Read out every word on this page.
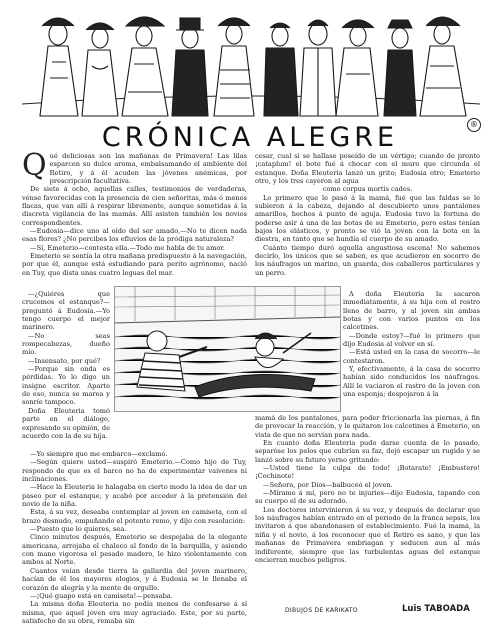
CRÓNICA ALEGRE	®
Q ué deliciosas son las mañanas de Primavera! Las lilas esparcen su dulce aroma, embalsamando el ambiente del Retiro, y á él acuden las jóvenes anémicas, por prescripción facultativa.

De siete á ocho, aquellas calles, testimonios de verdaderas, vénse favorecidas con la presencia de cien señoritas, más ó menos flacas, que van allí á respirar libremente, aunque sometidas á la discreta vigilancia de las mamás. Allí asisten también los novios correspondientes.

—Eudosia—dice uno al oído del ser amado,—No te dicen nada esas flores? ¿No percibes los efluvios de la pródiga naturaleza?

—Sí, Emeterio—contesta ella.—Todo me habla de tu amor.

Emeterio se sentía la otra mañana predispuesto á la navegación, por que él, aunque está estudiando para perito agrónomo, nació en Tuy, que dista unas cuatro leguas del mar.

—¿Quiéres que crucemos el estanque?—preguntó á Eudosia.—Yo tengo cuerpo el mejor marinero.

—No seas rompecabezas, dueño mío.

—Insensato, por qué?

—Porque sin onda es pérdidas. Yo lo digo un insigne escritor. Aparte de eso, nunca se marea y sonríe tampoco.

Doña Eleuteria tomó parte en el diálogo, expresando su opinión, de acuerdo con la de su hija.

—Yo siempre que me embarco—exclamó.

—Según quiere usted—suspiró Emeterio.—Como hijo de Tuy, respondo de que es el barco no ha de experimentar vaivenes ni inclinaciones.

—Hace la Eleuteria le halagaba en cierto modo la idea de dar un paseo por el estanque, y acabó por acceder á la pretensión del novio de la niña.

Esta, á su vez, deseaba contemplar al joven en camiseta, con el brazo desnudo, empuñando el potente remo, y dijo con resolución:

—Puesto que lo quieres, sea.

Cinco minutos después, Emeterio se despojaba de la elegante americana, arrojaba el chaleco al fondo de la barquilla, y asiendo con mano vigorosa el pesado madero, le hizo violentamente con ambos al Norte.

Cuantos veían desde tierra la gallardía del joven marinero, hacían de él los mayores elogios, y á Eudosia se le llenaba el corazón de alegría y la mente de orgullo.

—¡Qué guapo está en camiseta!—pensaba.

La misma doña Eleuteria no podía menos de confesarse á sí misma, que aquel joven era muy agraciado. Este, por su parte, satisfecho de su obra, remaba sin

cesar, cual si se hallase poseído de un vértigo; cuando de pronto ¡cataplum! el bote fué á chocar con el muro que circunda el estanque. Doña Eleuteria lanzó un grito; Eudosia otro; Emeterio otro, y los tres cayeron al agua

como corpus mortis cades.

Lo primero que le pasó á la mamá, fué que las faldas se le subieron á la cabeza, dejando al descubierto unos pantalones amarillos, hechos á punto de aguja. Eudosia tuvo la fortuna de poderse asir á una de las botas de su Emeterio, pero estas tenían bajos los elásticos, y pronto se vió la joven con la bota en la diestra, en tanto que se hundía el cuerpo de su amado.

Cuánto tiempo duró aquella angustiosa escena! No sabemos decirlo, los únicos que se saben, es que acudieron en socorro de los náufragos un marino, un guarda, dos caballeros particulares y un perro.

A doña Eleuteria la sacaron inmediatamente, á su hija con el rostro lleno de barro, y al joven sin ambas botas y con varios puntos en los calcetines.

—Donde estoy?—fué lo primero que dijo Eudosia al volver en sí.

—Está usted en la casa de socorro—le contestaron.

Y, efectivamente, á la casa de socorro habían sido conducidos los náufragos. Allí le vaciaron el rastro de la joven con una esponja; despojaron á la

mamá de los pantalones, para poder friccionarla las piernas, á fin de provocar la reacción, y le quitaron los calcetines á Emeterio, en vista de que no servían para nada.

En cuanto doña Eleuteria pudo darse cuenta de lo pasado, separóse los pelos que cubrían su faz, dejó escapar un rugido y se lanzó sobre su futuro yerno gritando:

—Usted tiene la culpa de todo! ¡Botarate! ¡Embustero! ¡Cochinote!

—Señora, por Dios—balbuceó el joven.

—Mírame á mí, pero no te injuries—dijo Eudosia, tapando con su cuerpo el de su adorado.

Los doctores intervinieron á su vez, y después de declarar que los náufragos habían entrado en el periodo de la franca sepsis, los invitaron á que abandonasen el establecimiento. Fué la mamá, la niña y el novio, á los reconocer que el Retiro es sano, y que las mañanas de Primavera embriagan y seducen aun al más indiferente, siempre que las turbulentas aguas del estanque encierran muchos peligros.

DIBUJOS DE KARIKATO	Luis TABOADA
